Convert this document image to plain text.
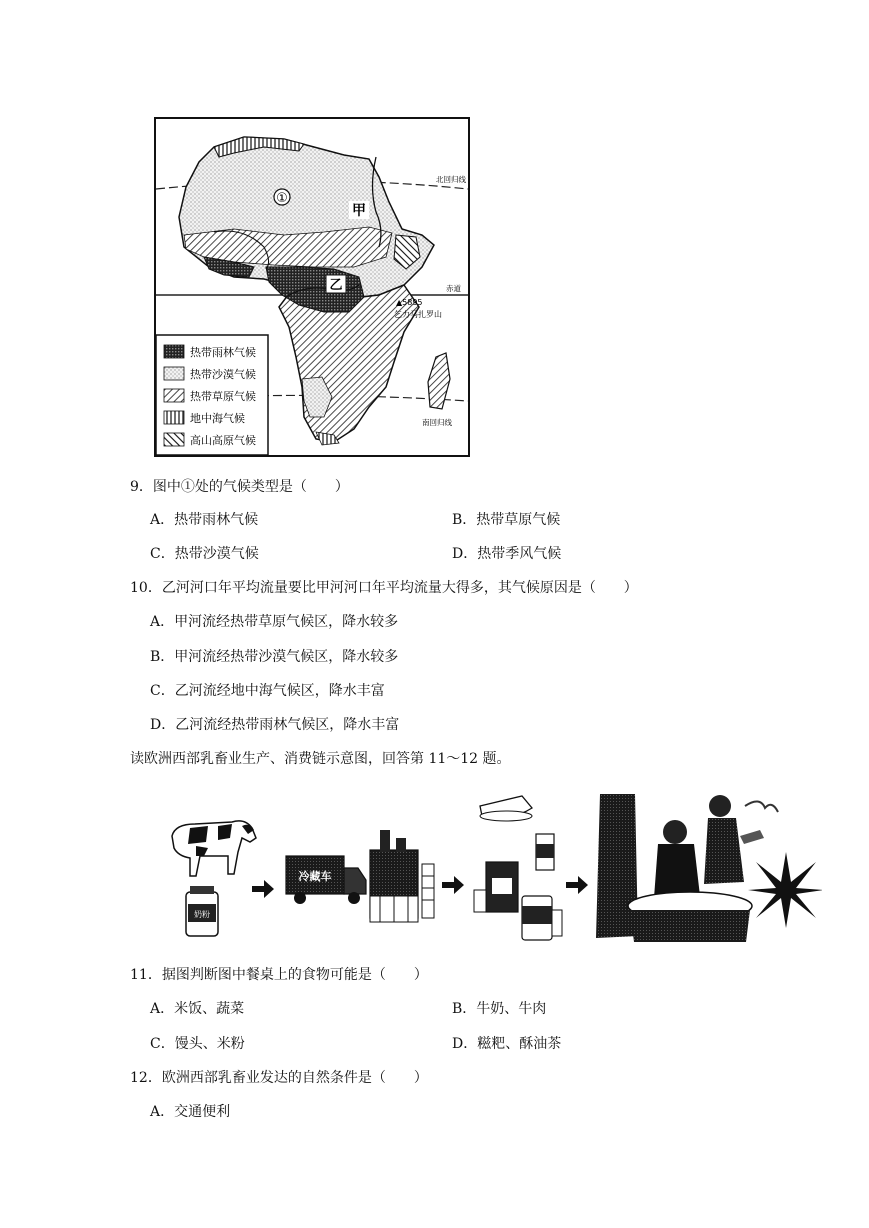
①
甲
乙
北回归线
赤道
南回归线
▲5895
乞力马扎罗山
热带雨林气候
热带沙漠气候
热带草原气候
地中海气候
高山高原气候
9．图中①处的气候类型是（　　）
A．热带雨林气候	B．热带草原气候
C．热带沙漠气候	D．热带季风气候
10．乙河河口年平均流量要比甲河河口年平均流量大得多，其气候原因是（　　）
A．甲河流经热带草原气候区，降水较多
B．甲河流经热带沙漠气候区，降水较多
C．乙河流经地中海气候区，降水丰富
D．乙河流经热带雨林气候区，降水丰富
读欧洲西部乳畜业生产、消费链示意图，回答第 11～12 题。
奶粉
冷藏车
11．据图判断图中餐桌上的食物可能是（　　）
A．米饭、蔬菜	B．牛奶、牛肉
C．馒头、米粉	D．糍粑、酥油茶
12．欧洲西部乳畜业发达的自然条件是（　　）
A．交通便利
